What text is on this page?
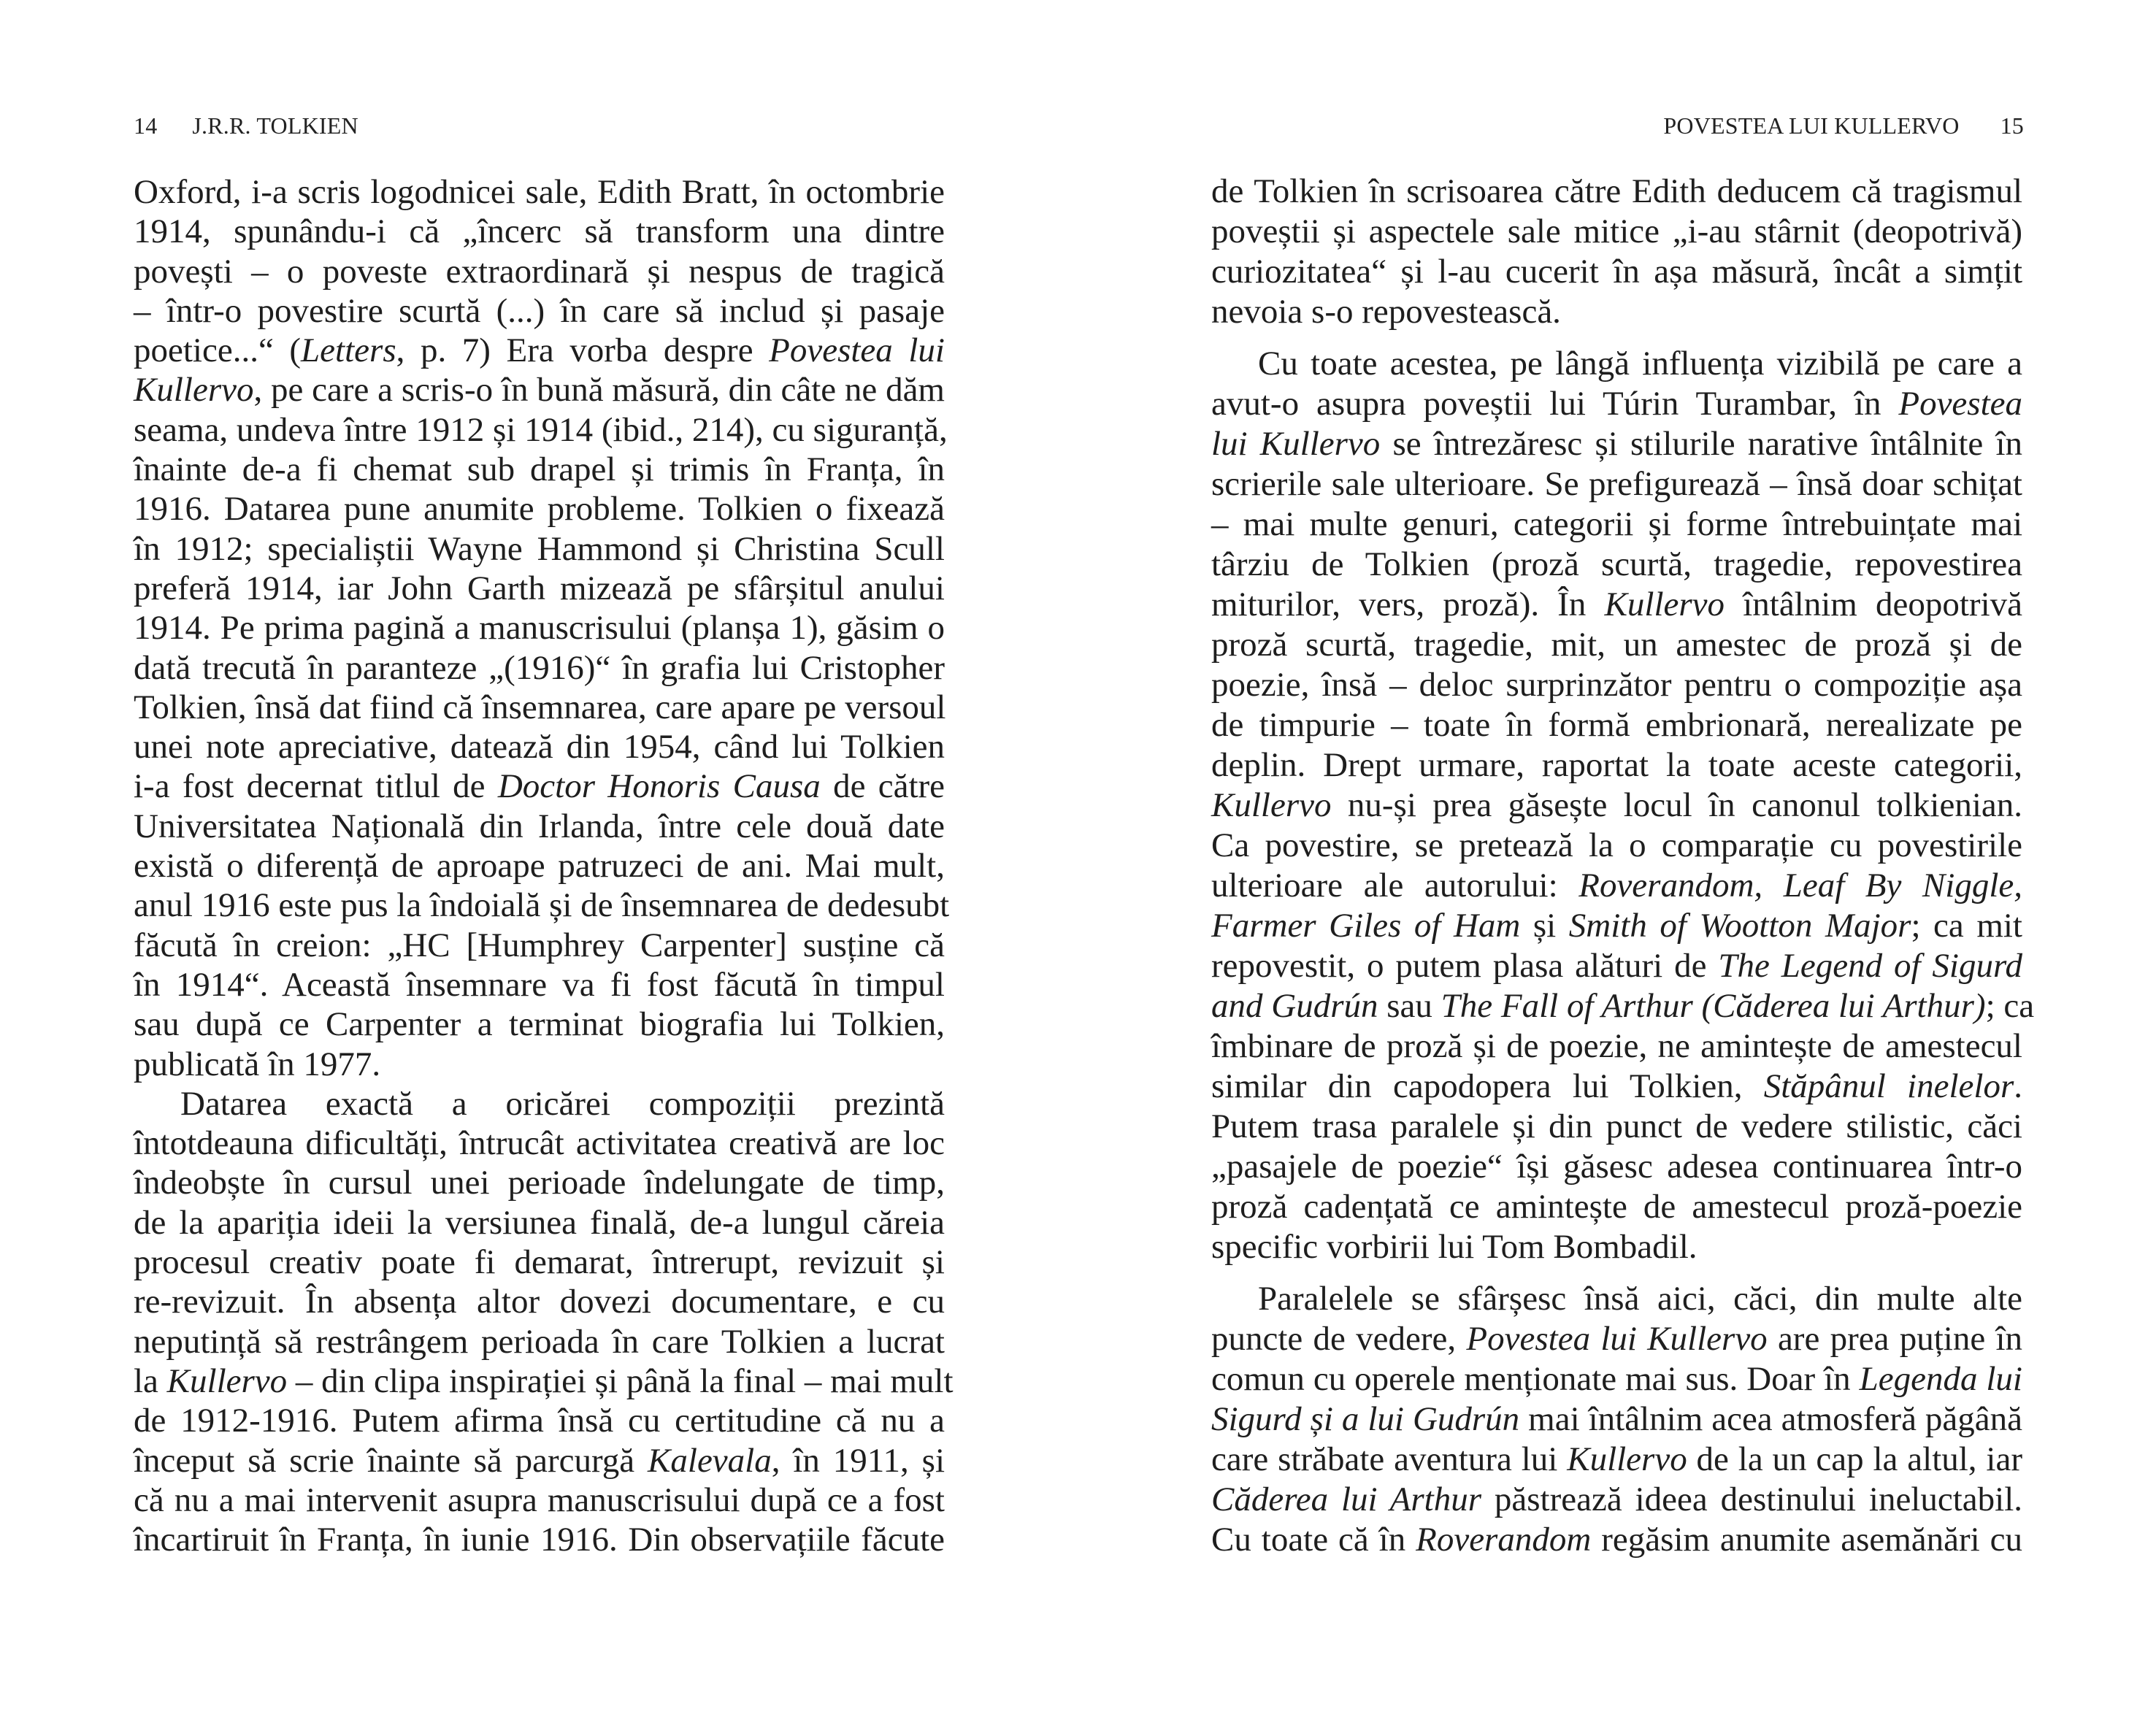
14 J.R.R. TOLKIEN
Oxford, i-a scris logodnicei sale, Edith Bratt, în octombrie
1914, spunându-i că „încerc să transform una dintre
povești – o poveste extraordinară și nespus de tragică
– într-o povestire scurtă (...) în care să includ și pasaje
poetice...“ (Letters, p. 7) Era vorba despre Povestea lui
Kullervo, pe care a scris-o în bună măsură, din câte ne dăm
seama, undeva între 1912 și 1914 (ibid., 214), cu siguranță,
înainte de-a fi chemat sub drapel și trimis în Franța, în
1916. Datarea pune anumite probleme. Tolkien o fixează
în 1912; specialiștii Wayne Hammond și Christina Scull
preferă 1914, iar John Garth mizează pe sfârșitul anului
1914. Pe prima pagină a manuscrisului (planșa 1), găsim o
dată trecută în paranteze „(1916)“ în grafia lui Cristopher
Tolkien, însă dat fiind că însemnarea, care apare pe versoul
unei note apreciative, datează din 1954, când lui Tolkien
i-a fost decernat titlul de Doctor Honoris Causa de către
Universitatea Națională din Irlanda, între cele două date
există o diferență de aproape patruzeci de ani. Mai mult,
anul 1916 este pus la îndoială și de însemnarea de dedesubt
făcută în creion: „HC [Humphrey Carpenter] susține că
în 1914“. Această însemnare va fi fost făcută în timpul
sau după ce Carpenter a terminat biografia lui Tolkien,
publicată în 1977.
Datarea exactă a oricărei compoziții prezintă
întotdeauna dificultăți, întrucât activitatea creativă are loc
îndeobște în cursul unei perioade îndelungate de timp,
de la apariția ideii la versiunea finală, de-a lungul căreia
procesul creativ poate fi demarat, întrerupt, revizuit și
re-revizuit. În absența altor dovezi documentare, e cu
neputință să restrângem perioada în care Tolkien a lucrat
la Kullervo – din clipa inspirației și până la final – mai mult
de 1912-1916. Putem afirma însă cu certitudine că nu a
început să scrie înainte să parcurgă Kalevala, în 1911, și
că nu a mai intervenit asupra manuscrisului după ce a fost
încartiruit în Franța, în iunie 1916. Din observațiile făcute
POVESTEA LUI KULLERVO 15
de Tolkien în scrisoarea către Edith deducem că tragismul
poveștii și aspectele sale mitice „i-au stârnit (deopotrivă)
curiozitatea“ și l-au cucerit în așa măsură, încât a simțit
nevoia s-o repovestească.
Cu toate acestea, pe lângă influența vizibilă pe care a
avut-o asupra poveștii lui Túrin Turambar, în Povestea
lui Kullervo se întrezăresc și stilurile narative întâlnite în
scrierile sale ulterioare. Se prefigurează – însă doar schițat
– mai multe genuri, categorii și forme întrebuințate mai
târziu de Tolkien (proză scurtă, tragedie, repovestirea
miturilor, vers, proză). În Kullervo întâlnim deopotrivă
proză scurtă, tragedie, mit, un amestec de proză și de
poezie, însă – deloc surprinzător pentru o compoziție așa
de timpurie – toate în formă embrionară, nerealizate pe
deplin. Drept urmare, raportat la toate aceste categorii,
Kullervo nu-și prea găsește locul în canonul tolkienian.
Ca povestire, se pretează la o comparație cu povestirile
ulterioare ale autorului: Roverandom, Leaf By Niggle,
Farmer Giles of Ham și Smith of Wootton Major; ca mit
repovestit, o putem plasa alături de The Legend of Sigurd
and Gudrún sau The Fall of Arthur (Căderea lui Arthur); ca
îmbinare de proză și de poezie, ne amintește de amestecul
similar din capodopera lui Tolkien, Stăpânul inelelor.
Putem trasa paralele și din punct de vedere stilistic, căci
„pasajele de poezie“ își găsesc adesea continuarea într-o
proză cadențată ce amintește de amestecul proză-poezie
specific vorbirii lui Tom Bombadil.
Paralelele se sfârșesc însă aici, căci, din multe alte
puncte de vedere, Povestea lui Kullervo are prea puține în
comun cu operele menționate mai sus. Doar în Legenda lui
Sigurd și a lui Gudrún mai întâlnim acea atmosferă păgână
care străbate aventura lui Kullervo de la un cap la altul, iar
Căderea lui Arthur păstrează ideea destinului ineluctabil.
Cu toate că în Roverandom regăsim anumite asemănări cu
